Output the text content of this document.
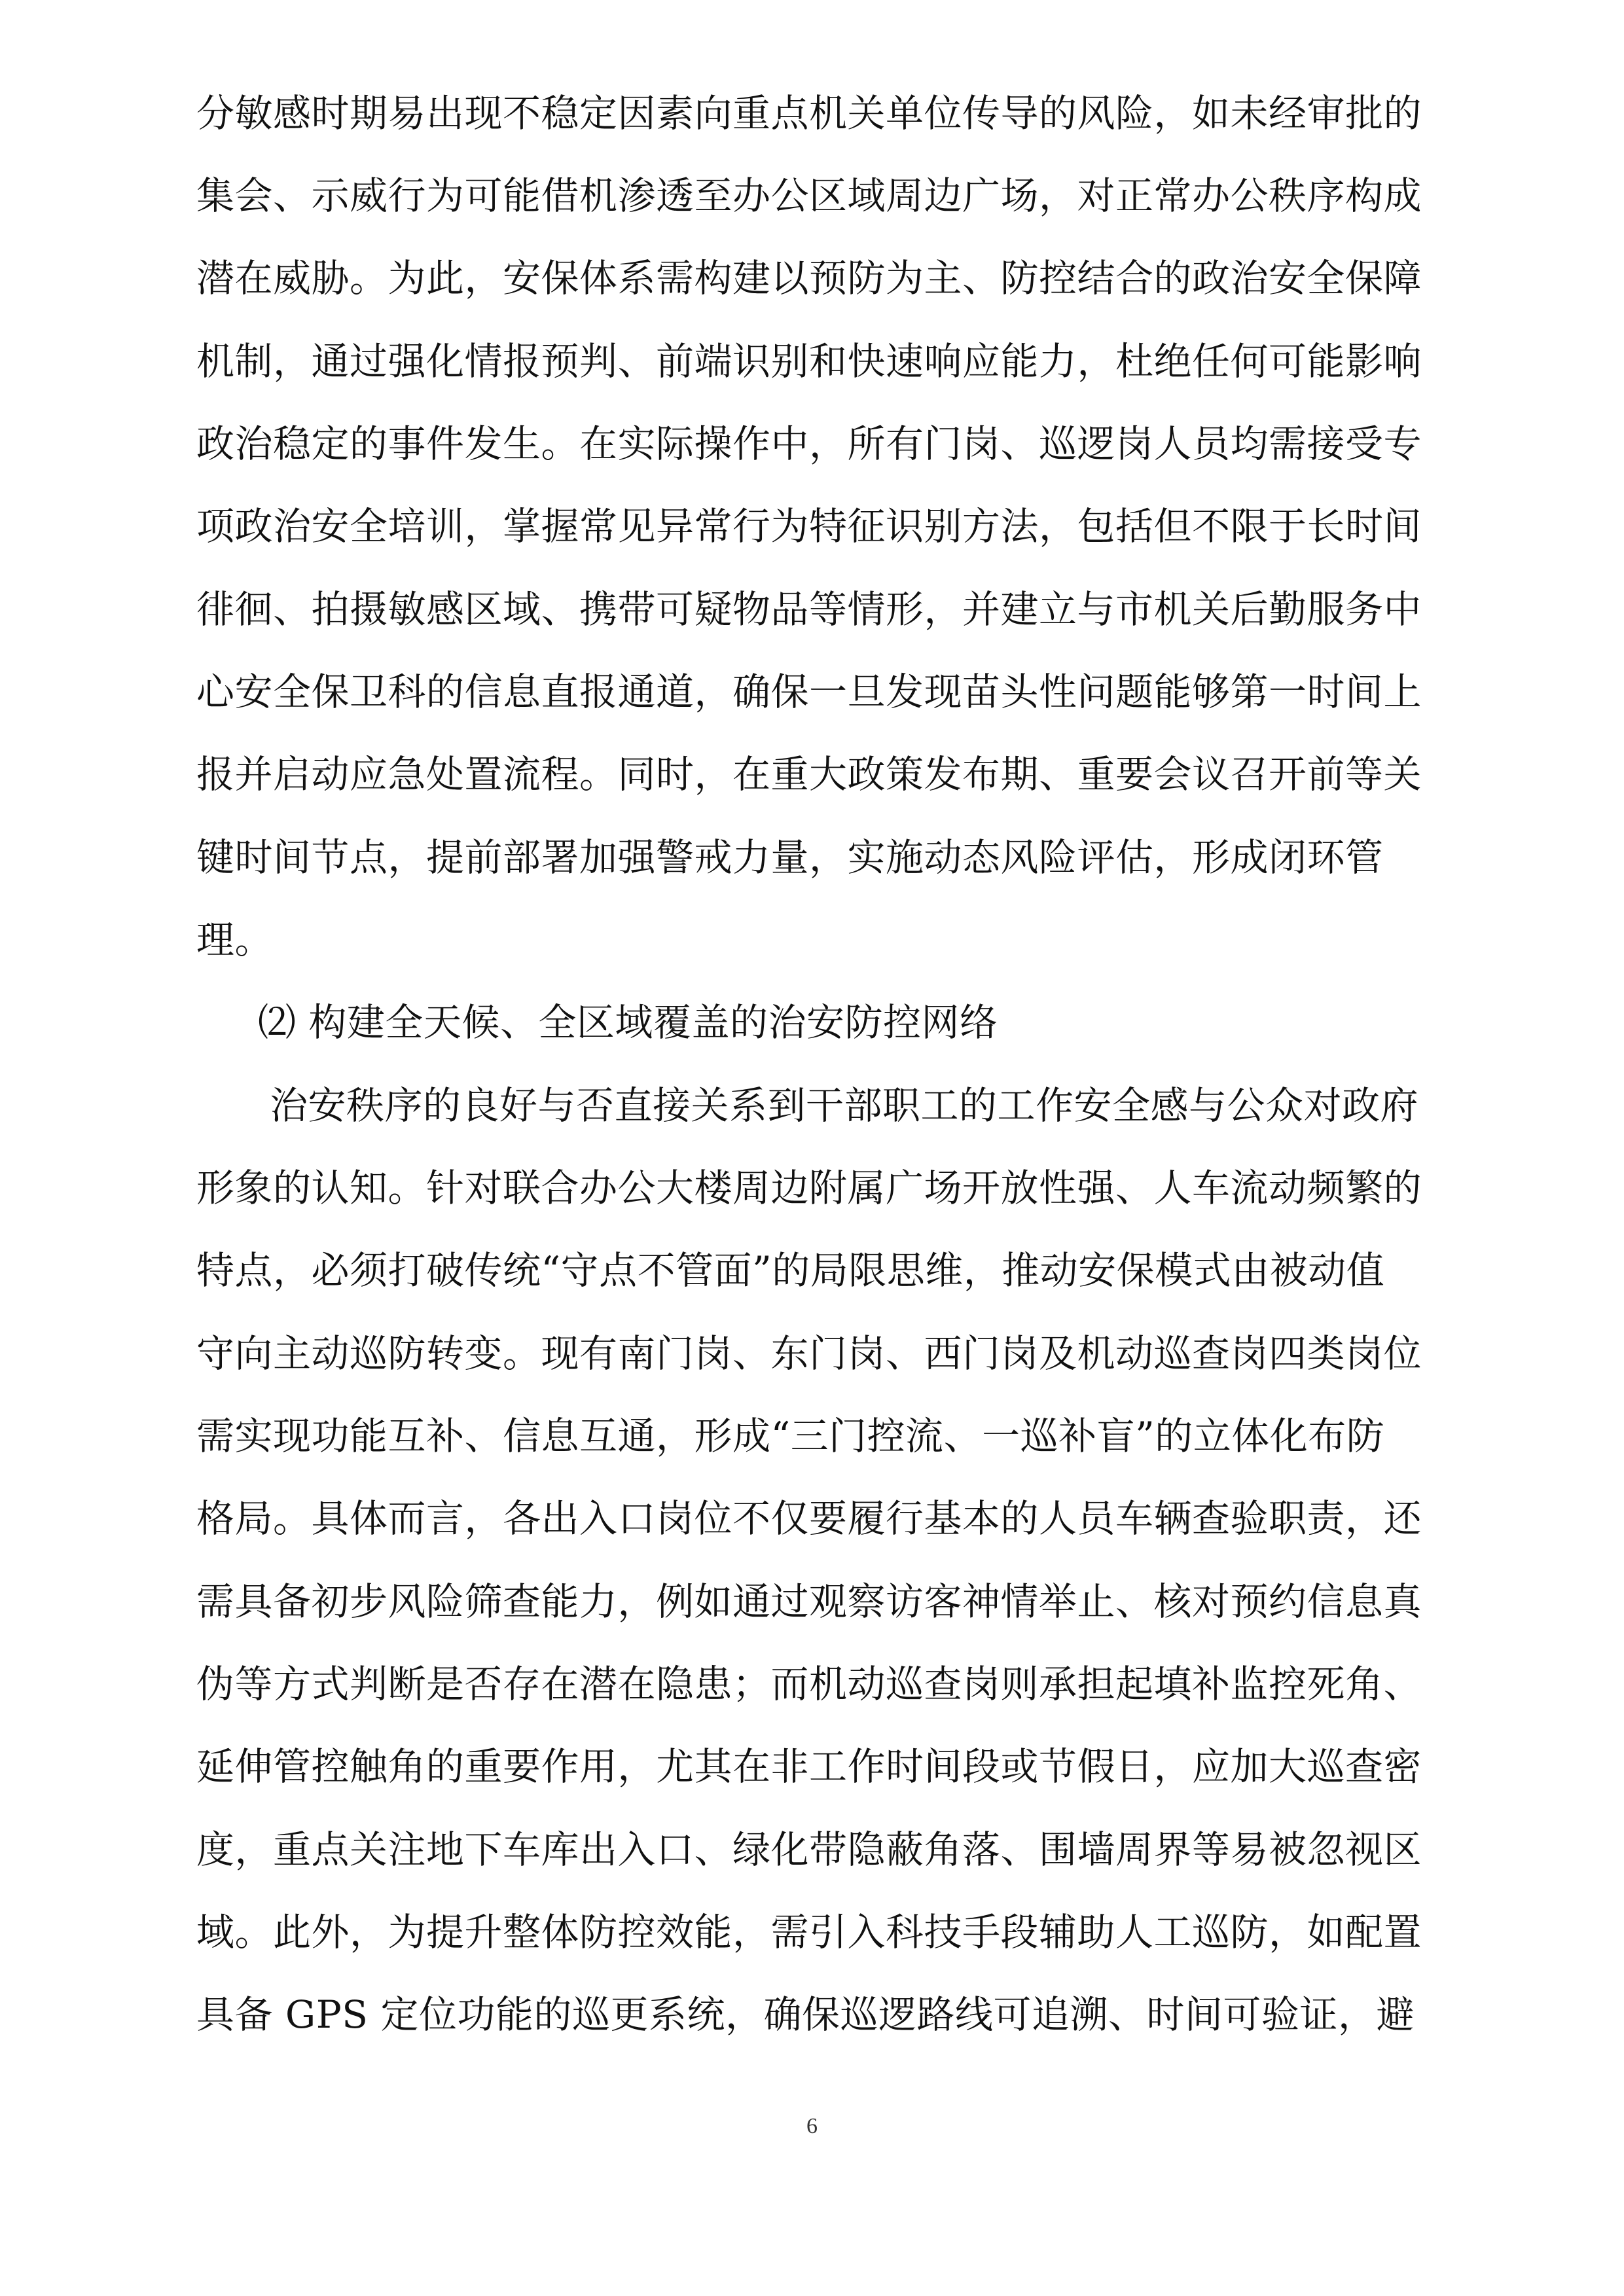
分敏感时期易出现不稳定因素向重点机关单位传导的风险，如未经审批的
集会、示威行为可能借机渗透至办公区域周边广场，对正常办公秩序构成
潜在威胁。为此，安保体系需构建以预防为主、防控结合的政治安全保障
机制，通过强化情报预判、前端识别和快速响应能力，杜绝任何可能影响
政治稳定的事件发生。在实际操作中，所有门岗、巡逻岗人员均需接受专
项政治安全培训，掌握常见异常行为特征识别方法，包括但不限于长时间
徘徊、拍摄敏感区域、携带可疑物品等情形，并建立与市机关后勤服务中
心安全保卫科的信息直报通道，确保一旦发现苗头性问题能够第一时间上
报并启动应急处置流程。同时，在重大政策发布期、重要会议召开前等关
键时间节点，提前部署加强警戒力量，实施动态风险评估，形成闭环管
理。
⑵ 构建全天候、全区域覆盖的治安防控网络
治安秩序的良好与否直接关系到干部职工的工作安全感与公众对政府
形象的认知。针对联合办公大楼周边附属广场开放性强、人车流动频繁的
特点，必须打破传统“守点不管面”的局限思维，推动安保模式由被动值
守向主动巡防转变。现有南门岗、东门岗、西门岗及机动巡查岗四类岗位
需实现功能互补、信息互通，形成“三门控流、一巡补盲”的立体化布防
格局。具体而言，各出入口岗位不仅要履行基本的人员车辆查验职责，还
需具备初步风险筛查能力，例如通过观察访客神情举止、核对预约信息真
伪等方式判断是否存在潜在隐患；而机动巡查岗则承担起填补监控死角、
延伸管控触角的重要作用，尤其在非工作时间段或节假日，应加大巡查密
度，重点关注地下车库出入口、绿化带隐蔽角落、围墙周界等易被忽视区
域。此外，为提升整体防控效能，需引入科技手段辅助人工巡防，如配置
具备 GPS 定位功能的巡更系统，确保巡逻路线可追溯、时间可验证，避
6
